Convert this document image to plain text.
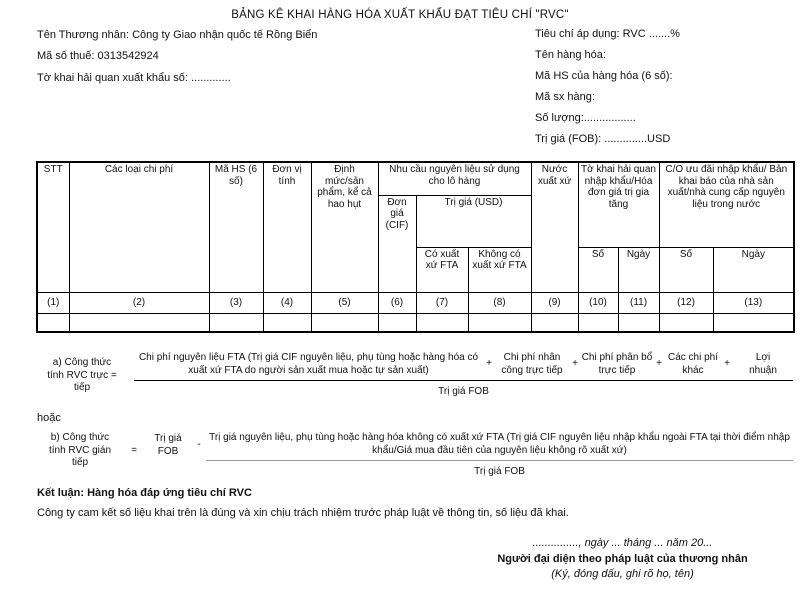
BẢNG KÊ KHAI HÀNG HÓA XUẤT KHẨU ĐẠT TIÊU CHÍ "RVC"
Tên Thương nhân: Công ty Giao nhận quốc tế Rồng Biển
Mã số thuế: 0313542924
Tờ khai hải quan xuất khẩu số: .............
Tiêu chí áp dụng: RVC .......%
Tên hàng hóa:
Mã HS của hàng hóa (6 số):
Mã sx hàng:
Số lượng:.................
Trị giá (FOB): ..............USD
STT	Các loại chi phí	Mã HS (6 số)	Đơn vị tính	Định mức/sản phẩm, kể cả hao hụt	Nhu cầu nguyên liệu sử dụng cho lô hàng			Nước xuất xứ	Tờ khai hải quan nhập khẩu/Hóa đơn giá trị gia tăng		C/O ưu đãi nhập khẩu/ Bản khai báo của nhà sản xuất/nhà cung cấp nguyên liệu trong nước	
					Đơn giá (CIF)	Trị giá (USD)						
						Có xuất xứ FTA	Không có xuất xứ FTA		Số	Ngày	Số	Ngày
(1)	(2)	(3)	(4)	(5)	(6)	(7)	(8)	(9)	(10)	(11)	(12)	(13)

a) Công thức
tính RVC trực =
tiếp
Chi phí nguyên liệu FTA (Trị giá CIF nguyên liệu, phụ tùng hoặc hàng hóa có xuất xứ FTA do người sản xuất mua hoặc tự sản xuất)
+
Chi phí nhân công trực tiếp
+
Chi phí phân bổ trực tiếp
+
Các chi phí khác
+
Lợi nhuận
Trị giá FOB
hoặc
b) Công thức
tính RVC gián
tiếp
=
Trị giá FOB
-
Trị giá nguyên liệu, phụ tùng hoặc hàng hóa không có xuất xứ FTA (Trị giá CIF nguyên liệu nhập khẩu ngoài FTA tại thời điểm nhập khẩu/Giá mua đầu tiên của nguyên liệu không rõ xuất xứ)
Trị giá FOB
Kết luận: Hàng hóa đáp ứng tiêu chí RVC
Công ty cam kết số liệu khai trên là đúng và xin chịu trách nhiệm trước pháp luật về thông tin, số liệu đã khai.
..............., ngày ... tháng ... năm 20...
Người đại diện theo pháp luật của thương nhân
(Ký, đóng dấu, ghi rõ họ, tên)
